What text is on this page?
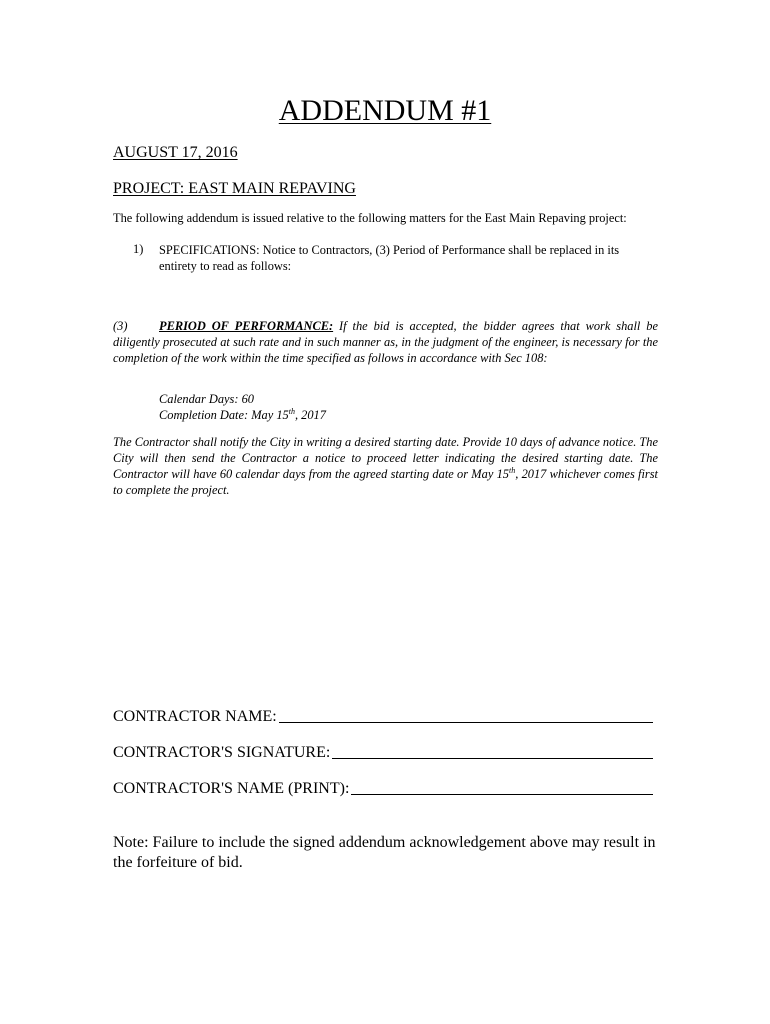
ADDENDUM #1
AUGUST 17, 2016
PROJECT: EAST MAIN REPAVING
The following addendum is issued relative to the following matters for the East Main Repaving project:
1) SPECIFICATIONS: Notice to Contractors, (3) Period of Performance shall be replaced in its entirety to read as follows:
(3)	PERIOD OF PERFORMANCE: If the bid is accepted, the bidder agrees that work shall be diligently prosecuted at such rate and in such manner as, in the judgment of the engineer, is necessary for the completion of the work within the time specified as follows in accordance with Sec 108:
Calendar Days: 60
Completion Date: May 15th, 2017
The Contractor shall notify the City in writing a desired starting date. Provide 10 days of advance notice. The City will then send the Contractor a notice to proceed letter indicating the desired starting date. The Contractor will have 60 calendar days from the agreed starting date or May 15th, 2017 whichever comes first to complete the project.
CONTRACTOR NAME:
CONTRACTOR'S SIGNATURE:
CONTRACTOR'S NAME (PRINT):
Note: Failure to include the signed addendum acknowledgement above may result in the forfeiture of bid.
